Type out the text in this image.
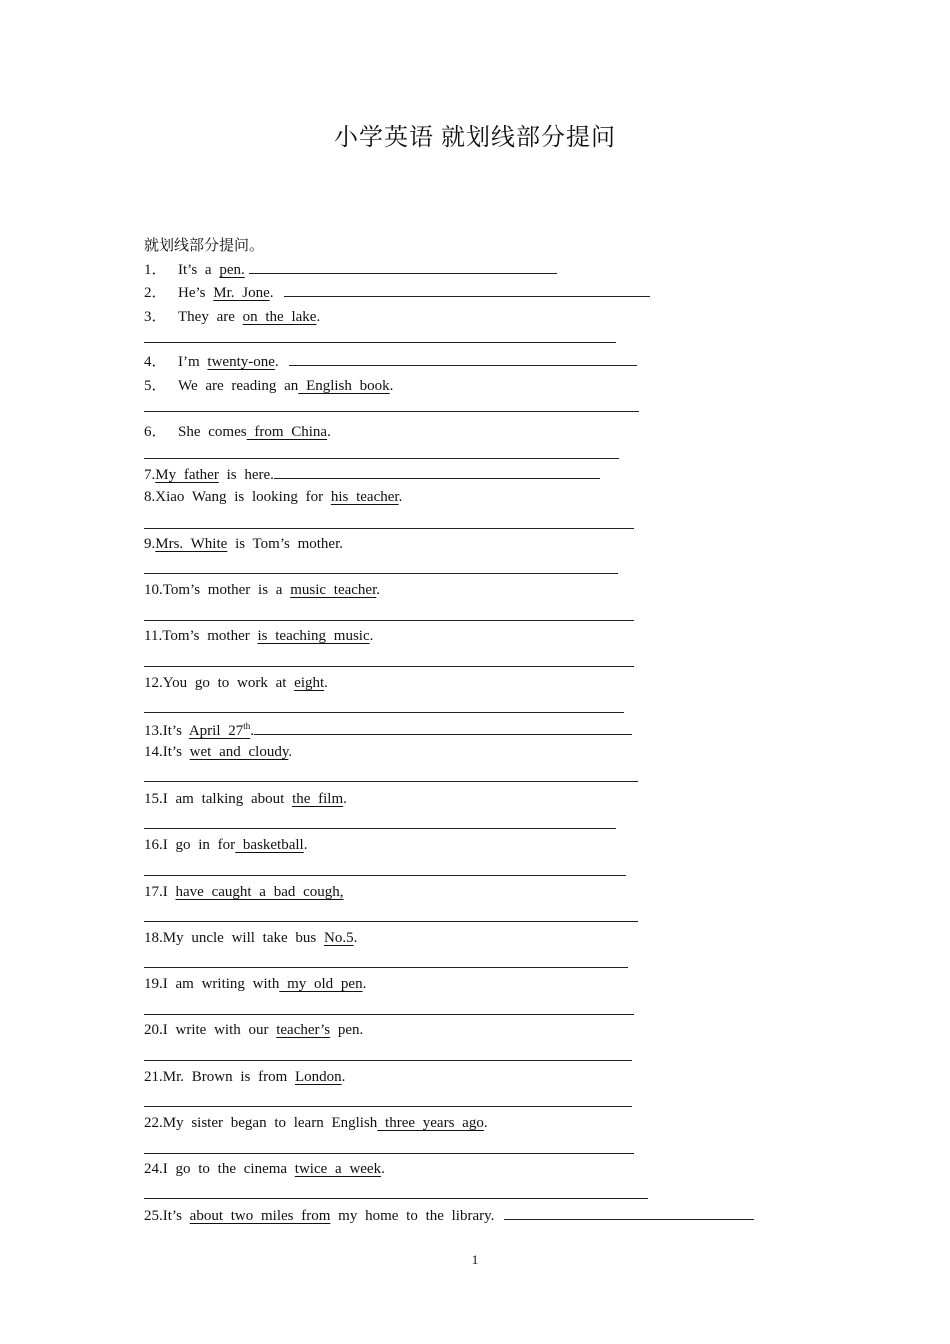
小学英语 就划线部分提问
就划线部分提问。
1． It’s a pen.
2． He’s Mr. Jone.
3． They are on the lake.
4． I’m twenty-one.
5． We are reading an English book.
6． She comes from China.
7.My father is here.
8.Xiao Wang is looking for his teacher.
9.Mrs. White is Tom’s mother.
10.Tom’s mother is a music teacher.
11.Tom’s mother is teaching music.
12.You go to work at eight.
13.It’s April 27th.
14.It’s wet and cloudy.
15.I am talking about the film.
16.I go in for basketball.
17.I have caught a bad cough,
18.My uncle will take bus No.5.
19.I am writing with my old pen.
20.I write with our teacher’s pen.
21.Mr. Brown is from London.
22.My sister began to learn English three years ago.
24.I go to the cinema twice a week.
25.It’s about two miles from my home to the library.
1
